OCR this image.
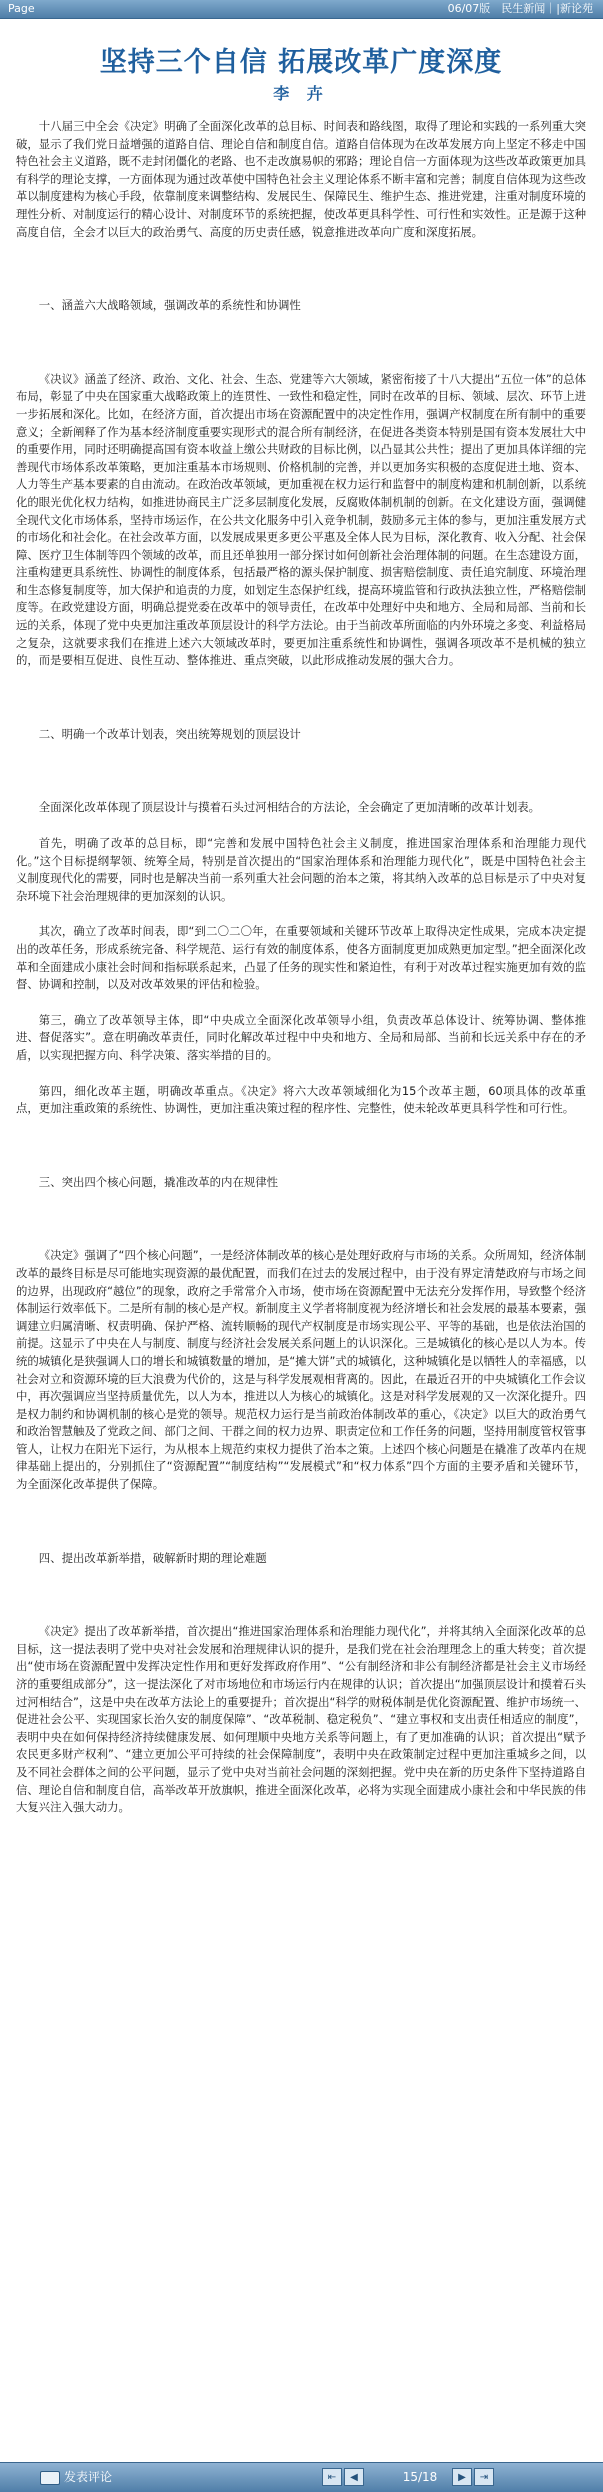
Page	06/07版　民生新闻｜|新论苑
坚持三个自信 拓展改革广度深度
李 卉

十八届三中全会《决定》明确了全面深化改革的总目标、时间表和路线图，取得了理论和实践的一系列重大突破，显示了我们党日益增强的道路自信、理论自信和制度自信。道路自信体现为在改革发展方向上坚定不移走中国特色社会主义道路，既不走封闭僵化的老路、也不走改旗易帜的邪路；理论自信一方面体现为这些改革政策更加具有科学的理论支撑，一方面体现为通过改革使中国特色社会主义理论体系不断丰富和完善；制度自信体现为这些改革以制度建构为核心手段，依靠制度来调整结构、发展民生、保障民生、维护生态、推进党建，注重对制度环境的理性分析、对制度运行的精心设计、对制度环节的系统把握，使改革更具科学性、可行性和实效性。正是源于这种高度自信，全会才以巨大的政治勇气、高度的历史责任感，锐意推进改革向广度和深度拓展。

一、涵盖六大战略领域，强调改革的系统性和协调性

《决议》涵盖了经济、政治、文化、社会、生态、党建等六大领域，紧密衔接了十八大提出“五位一体”的总体布局，彰显了中央在国家重大战略政策上的连贯性、一致性和稳定性，同时在改革的目标、领域、层次、环节上进一步拓展和深化。比如，在经济方面，首次提出市场在资源配置中的决定性作用，强调产权制度在所有制中的重要意义；全新阐释了作为基本经济制度重要实现形式的混合所有制经济，在促进各类资本特别是国有资本发展壮大中的重要作用，同时还明确提高国有资本收益上缴公共财政的目标比例，以凸显其公共性；提出了更加具体详细的完善现代市场体系改革策略，更加注重基本市场规则、价格机制的完善，并以更加务实积极的态度促进土地、资本、人力等生产基本要素的自由流动。在政治改革领域，更加重视在权力运行和监督中的制度构建和机制创新，以系统化的眼光优化权力结构，如推进协商民主广泛多层制度化发展，反腐败体制机制的创新。在文化建设方面，强调健全现代文化市场体系，坚持市场运作，在公共文化服务中引入竞争机制，鼓励多元主体的参与，更加注重发展方式的市场化和社会化。在社会改革方面，以发展成果更多更公平惠及全体人民为目标，深化教育、收入分配、社会保障、医疗卫生体制等四个领域的改革，而且还单独用一部分探讨如何创新社会治理体制的问题。在生态建设方面，注重构建更具系统性、协调性的制度体系，包括最严格的源头保护制度、损害赔偿制度、责任追究制度、环境治理和生态修复制度等，加大保护和追责的力度，如划定生态保护红线，提高环境监管和行政执法独立性，严格赔偿制度等。在政党建设方面，明确总提党委在改革中的领导责任，在改革中处理好中央和地方、全局和局部、当前和长远的关系，体现了党中央更加注重改革顶层设计的科学方法论。由于当前改革所面临的内外环境之多变、利益格局之复杂，这就要求我们在推进上述六大领域改革时，要更加注重系统性和协调性，强调各项改革不是机械的独立的，而是要相互促进、良性互动、整体推进、重点突破，以此形成推动发展的强大合力。

二、明确一个改革计划表，突出统筹规划的顶层设计

全面深化改革体现了顶层设计与摸着石头过河相结合的方法论，全会确定了更加清晰的改革计划表。

首先，明确了改革的总目标，即“完善和发展中国特色社会主义制度，推进国家治理体系和治理能力现代化。”这个目标提纲挈领、统筹全局，特别是首次提出的“国家治理体系和治理能力现代化”，既是中国特色社会主义制度现代化的需要，同时也是解决当前一系列重大社会问题的治本之策，将其纳入改革的总目标是示了中央对复杂环境下社会治理规律的更加深刻的认识。

其次，确立了改革时间表，即“到二〇二〇年，在重要领域和关键环节改革上取得决定性成果，完成本决定提出的改革任务，形成系统完备、科学规范、运行有效的制度体系，使各方面制度更加成熟更加定型。”把全面深化改革和全面建成小康社会时间和指标联系起来，凸显了任务的现实性和紧迫性，有利于对改革过程实施更加有效的监督、协调和控制，以及对改革效果的评估和检验。

第三，确立了改革领导主体，即“中央成立全面深化改革领导小组，负责改革总体设计、统筹协调、整体推进、督促落实”。意在明确改革责任，同时化解改革过程中中央和地方、全局和局部、当前和长远关系中存在的矛盾，以实现把握方向、科学决策、落实举措的目的。

第四，细化改革主题，明确改革重点。《决定》将六大改革领域细化为15个改革主题，60项具体的改革重点，更加注重政策的系统性、协调性，更加注重决策过程的程序性、完整性，使未轮改革更具科学性和可行性。

三、突出四个核心问题，撬准改革的内在规律性

《决定》强调了“四个核心问题”，一是经济体制改革的核心是处理好政府与市场的关系。众所周知，经济体制改革的最终目标是尽可能地实现资源的最优配置，而我们在过去的发展过程中，由于没有界定清楚政府与市场之间的边界，出现政府“越位”的现象，政府之手常常介入市场，使市场在资源配置中无法充分发挥作用，导致整个经济体制运行效率低下。二是所有制的核心是产权。新制度主义学者将制度视为经济增长和社会发展的最基本要素，强调建立归属清晰、权责明确、保护严格、流转顺畅的现代产权制度是市场实现公平、平等的基础，也是依法治国的前提。这显示了中央在人与制度、制度与经济社会发展关系问题上的认识深化。三是城镇化的核心是以人为本。传统的城镇化是狭强调人口的增长和城镇数量的增加，是“摊大饼”式的城镇化，这种城镇化是以牺牲人的幸福感，以社会对立和资源环境的巨大浪费为代价的，这是与科学发展观相背离的。因此，在最近召开的中央城镇化工作会议中，再次强调应当坚持质量优先，以人为本，推进以人为核心的城镇化。这是对科学发展观的又一次深化提升。四是权力制约和协调机制的核心是党的领导。规范权力运行是当前政治体制改革的重心，《决定》以巨大的政治勇气和政治智慧触及了党政之间、部门之间、干群之间的权力边界、职责定位和工作任务的问题，坚持用制度管权管事管人，让权力在阳光下运行，为从根本上规范约束权力提供了治本之策。上述四个核心问题是在撬准了改革内在规律基础上提出的，分别抓住了“资源配置”“制度结构”“发展模式”和“权力体系”四个方面的主要矛盾和关键环节，为全面深化改革提供了保障。

四、提出改革新举措，破解新时期的理论难题

《决定》提出了改革新举措，首次提出“推进国家治理体系和治理能力现代化”，并将其纳入全面深化改革的总目标，这一提法表明了党中央对社会发展和治理规律认识的提升，是我们党在社会治理理念上的重大转变；首次提出“使市场在资源配置中发挥决定性作用和更好发挥政府作用”、“公有制经济和非公有制经济都是社会主义市场经济的重要组成部分”，这一提法深化了对市场地位和市场运行内在规律的认识；首次提出“加强顶层设计和摸着石头过河相结合”，这是中央在改革方法论上的重要提升；首次提出“科学的财税体制是优化资源配置、维护市场统一、促进社会公平、实现国家长治久安的制度保障”、“改革税制、稳定税负”、“建立事权和支出责任相适应的制度”，表明中央在如何保持经济持续健康发展、如何理顺中央地方关系等问题上，有了更加准确的认识；首次提出“赋予农民更多财产权利”、“建立更加公平可持续的社会保障制度”，表明中央在政策制定过程中更加注重城乡之间，以及不同社会群体之间的公平问题，显示了党中央对当前社会问题的深刻把握。党中央在新的历史条件下坚持道路自信、理论自信和制度自信，高举改革开放旗帜，推进全面深化改革，必将为实现全面建成小康社会和中华民族的伟大复兴注入强大动力。

发表评论	⇤	◀	15/18	▶	⇥
